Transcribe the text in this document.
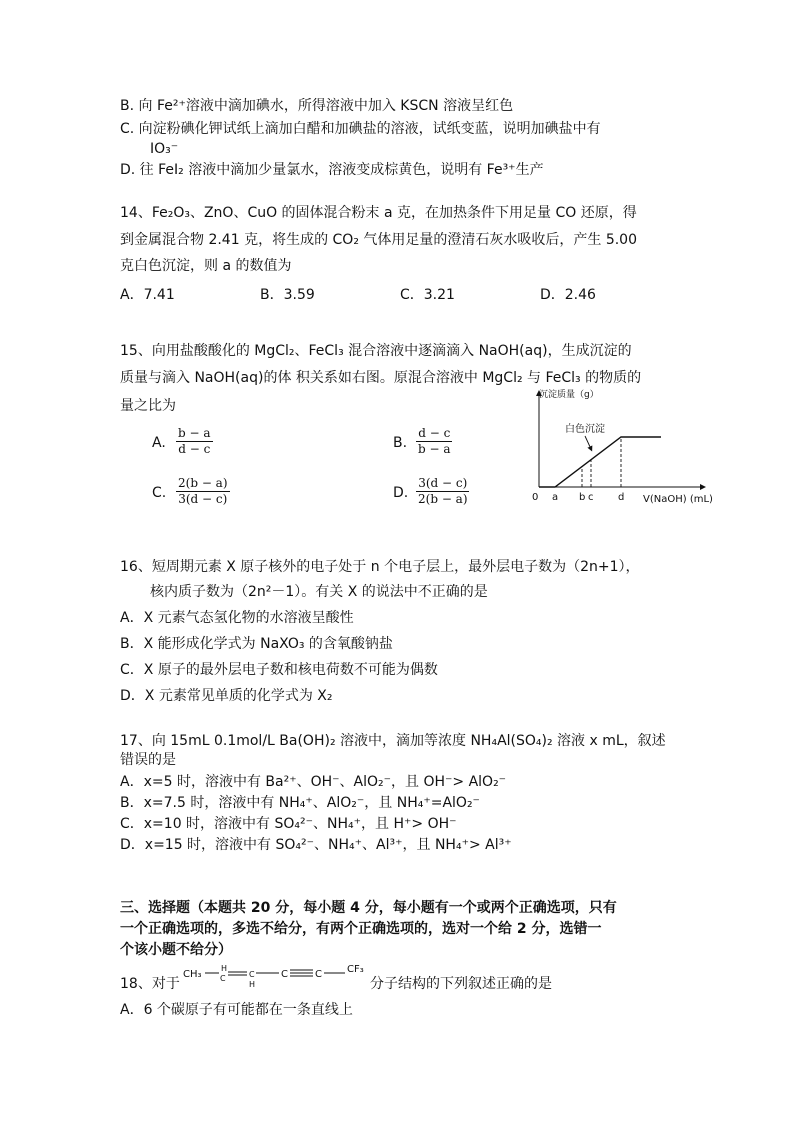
B. 向 Fe²⁺溶液中滴加碘水，所得溶液中加入 KSCN 溶液呈红色
C. 向淀粉碘化钾试纸上滴加白醋和加碘盐的溶液，试纸变蓝，说明加碘盐中有
IO₃⁻
D. 往 FeI₂ 溶液中滴加少量氯水，溶液变成棕黄色，说明有 Fe³⁺生产
14、Fe₂O₃、ZnO、CuO 的固体混合粉末 a 克，在加热条件下用足量 CO 还原，得
到金属混合物 2.41 克，将生成的 CO₂ 气体用足量的澄清石灰水吸收后，产生 5.00
克白色沉淀，则 a 的数值为
A．7.41	B．3.59	C．3.21	D．2.46
15、向用盐酸酸化的 MgCl₂、FeCl₃ 混合溶液中逐滴滴入 NaOH(aq)，生成沉淀的
质量与滴入 NaOH(aq)的体 积关系如右图。原混合溶液中 MgCl₂ 与 FeCl₃ 的物质的
量之比为
A. $\frac{b - a}{d - c}$	B. $\frac{d - c}{b - a}$
C. $\frac{2(b - a)}{3(d - c)}$	D. $\frac{3(d - c)}{2(b - a)}$
沉淀质量（g）
V(NaOH) (mL)
0 a b c d
白色沉淀
16、短周期元素 X 原子核外的电子处于 n 个电子层上，最外层电子数为（2n+1），
核内质子数为（2n²－1）。有关 X 的说法中不正确的是
A．X 元素气态氢化物的水溶液呈酸性
B．X 能形成化学式为 NaXO₃ 的含氧酸钠盐
C．X 原子的最外层电子数和核电荷数不可能为偶数
D．X 元素常见单质的化学式为 X₂
17、向 15mL 0.1mol/L Ba(OH)₂ 溶液中，滴加等浓度 NH₄Al(SO₄)₂ 溶液 x mL，叙述
错误的是
A．x=5 时，溶液中有 Ba²⁺、OH⁻、AlO₂⁻，且 OH⁻> AlO₂⁻
B．x=7.5 时，溶液中有 NH₄⁺、AlO₂⁻，且 NH₄⁺=AlO₂⁻
C．x=10 时，溶液中有 SO₄²⁻、NH₄⁺，且 H⁺> OH⁻
D．x=15 时，溶液中有 SO₄²⁻、NH₄⁺、Al³⁺，且 NH₄⁺> Al³⁺
三、选择题（本题共 20 分，每小题 4 分，每小题有一个或两个正确选项，只有
一个正确选项的，多选不给分，有两个正确选项的，选对一个给 2 分，选错一
个该小题不给分）
18、对于
CH₃
H
C	C
H
C	C	CF₃
分子结构的下列叙述正确的是
A．6 个碳原子有可能都在一条直线上
